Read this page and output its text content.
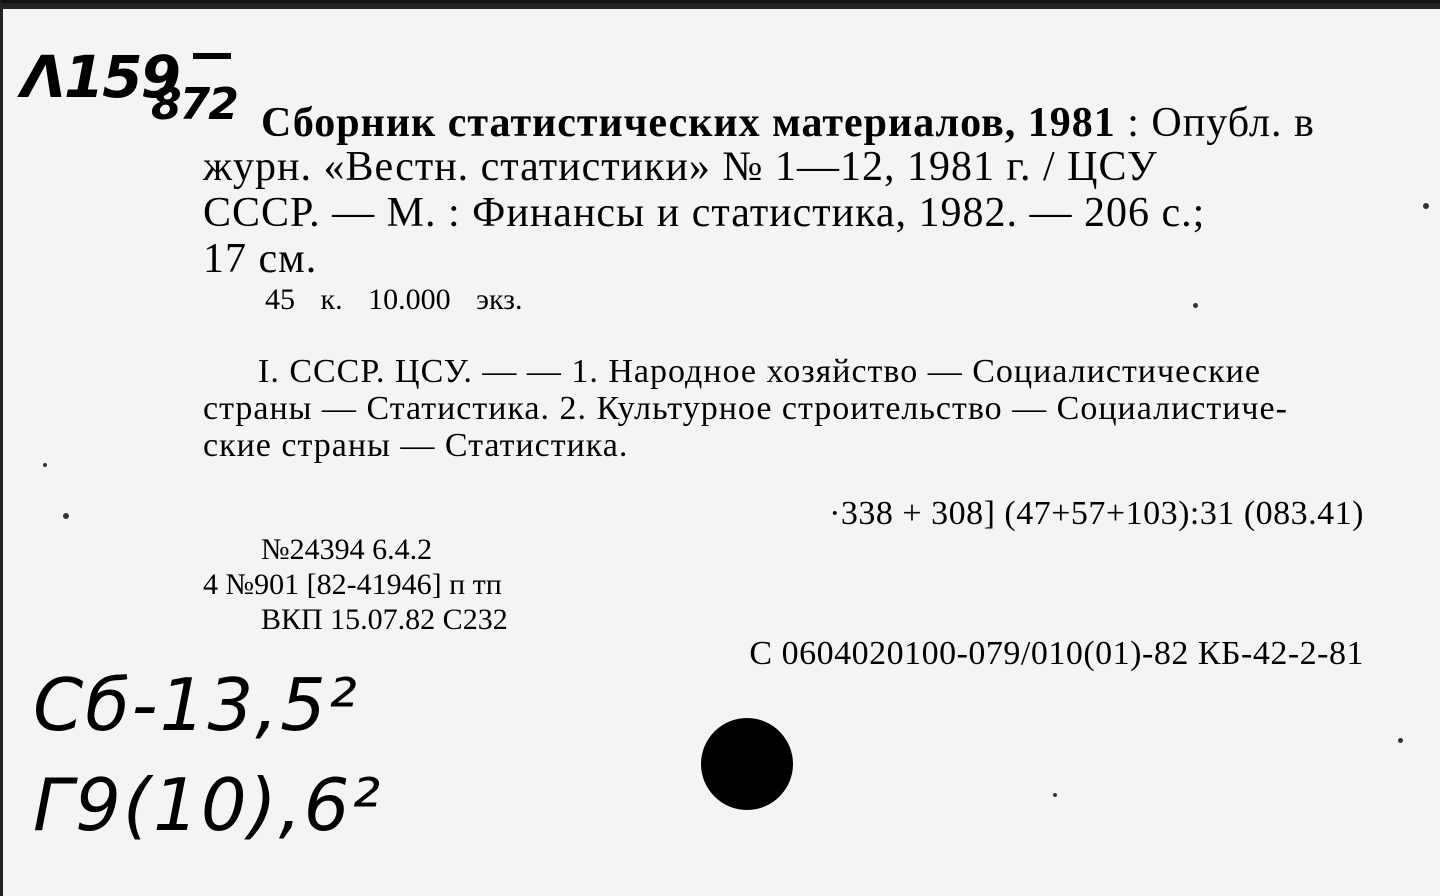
Λ159
872 Сборник статистических материалов, 1981 : Опубл. в
журн. «Вестн. статистики» № 1—12, 1981 г. / ЦСУ
СССР. — М. : Финансы и статистика, 1982. — 206 с.;
17 см.
45 к. 10.000 экз.
I. СССР. ЦСУ. — — 1. Народное хозяйство — Социалистические
страны — Статистика. 2. Культурное строительство — Социалистиче-
ские страны — Статистика.
·338 + 308] (47+57+103):31 (083.41)
№24394 6.4.2
4 №901 [82-41946] п тп
ВКП 15.07.82 С232
С 0604020100-079/010(01)-82 КБ-42-2-81
Сб-13,5²
Г9(10),6²
